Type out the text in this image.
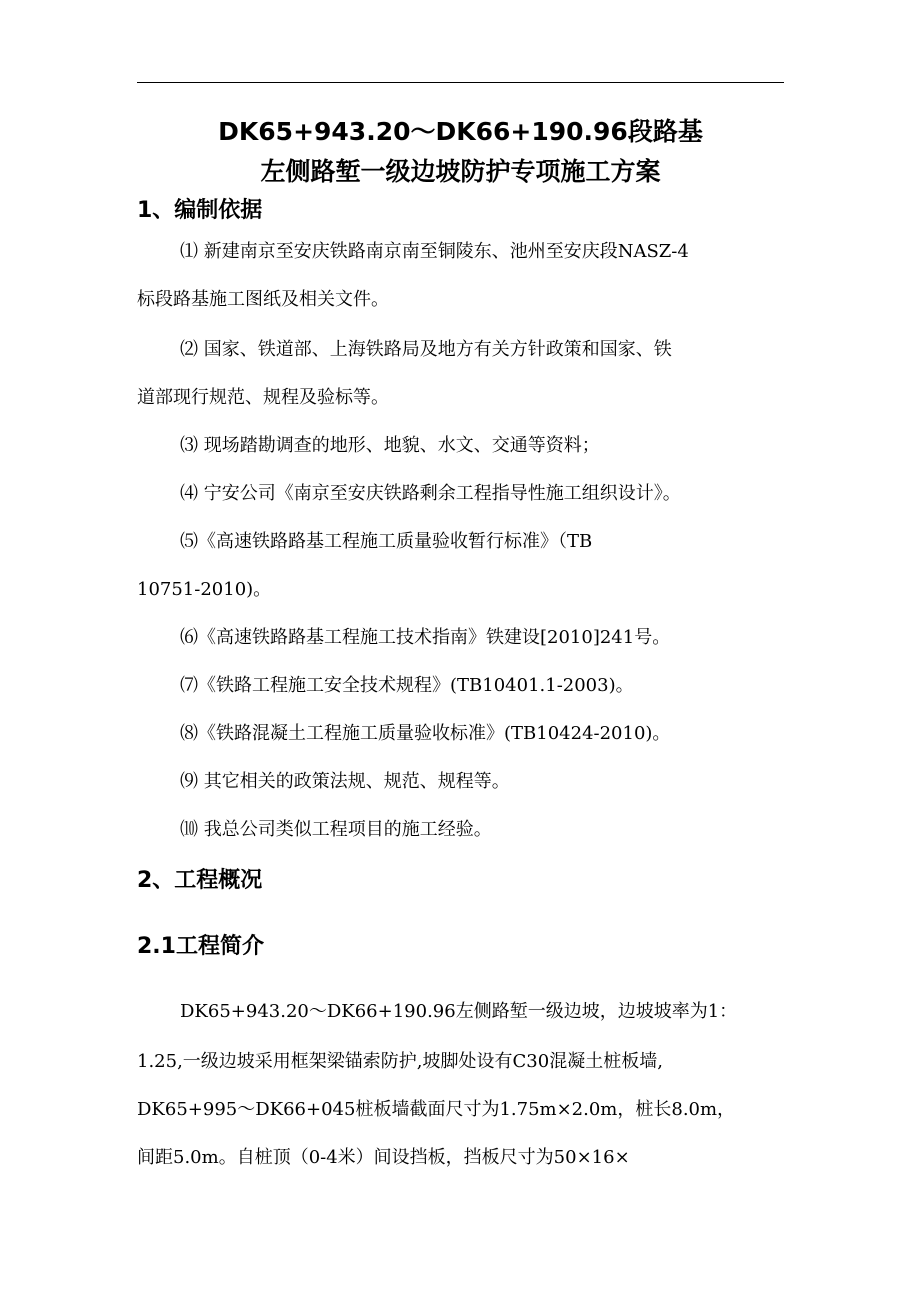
DK65+943.20～DK66+190.96段路基
左侧路堑一级边坡防护专项施工方案
1、编制依据
⑴ 新建南京至安庆铁路南京南至铜陵东、池州至安庆段NASZ-4
标段路基施工图纸及相关文件。
⑵ 国家、铁道部、上海铁路局及地方有关方针政策和国家、铁
道部现行规范、规程及验标等。
⑶ 现场踏勘调查的地形、地貌、水文、交通等资料；
⑷ 宁安公司《南京至安庆铁路剩余工程指导性施工组织设计》。
⑸《高速铁路路基工程施工质量验收暂行标准》（TB
10751-2010)。
⑹《高速铁路路基工程施工技术指南》铁建设[2010]241号。
⑺《铁路工程施工安全技术规程》(TB10401.1-2003)。
⑻《铁路混凝土工程施工质量验收标准》(TB10424-2010)。
⑼ 其它相关的政策法规、规范、规程等。
⑽ 我总公司类似工程项目的施工经验。
2、工程概况
2.1工程简介
DK65+943.20～DK66+190.96左侧路堑一级边坡，边坡坡率为1：
1.25,一级边坡采用框架梁锚索防护,坡脚处设有C30混凝土桩板墙,
DK65+995～DK66+045桩板墙截面尺寸为1.75m×2.0m，桩长8.0m，
间距5.0m。自桩顶（0-4米）间设挡板，挡板尺寸为50×16×
